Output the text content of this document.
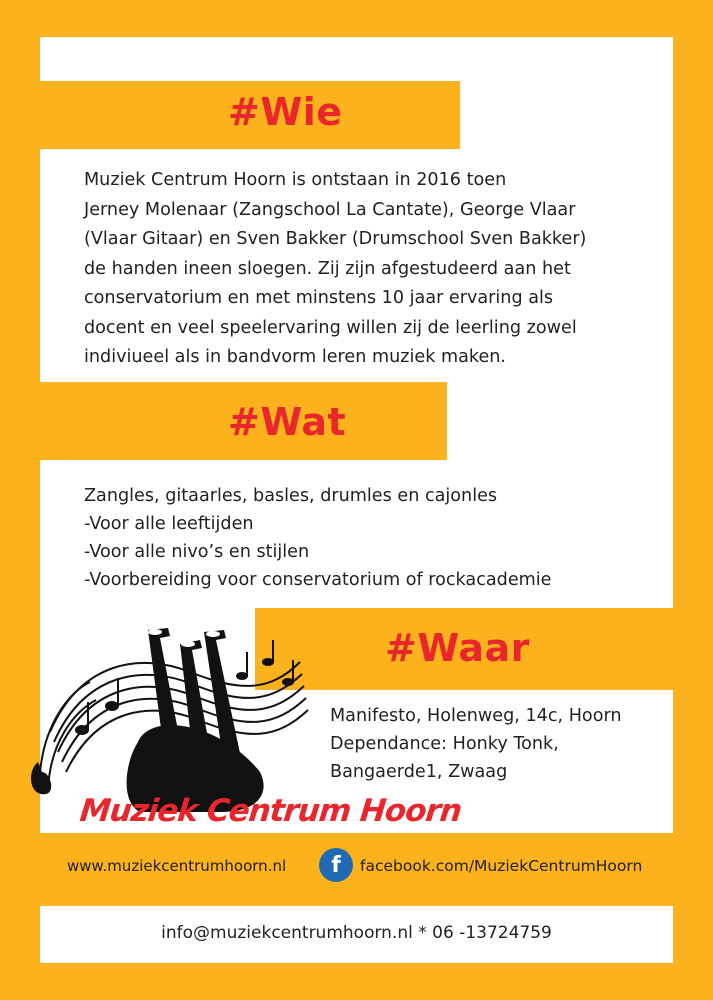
#Wie
Muziek Centrum Hoorn is ontstaan in 2016 toen
Jerney Molenaar (Zangschool La Cantate), George Vlaar
(Vlaar Gitaar) en Sven Bakker (Drumschool Sven Bakker)
de handen ineen sloegen. Zij zijn afgestudeerd aan het
conservatorium en met minstens 10 jaar ervaring als
docent en veel speelervaring willen zij de leerling zowel
indiviueel als in bandvorm leren muziek maken.
#Wat
Zangles, gitaarles, basles, drumles en cajonles
-Voor alle leeftijden
-Voor alle nivo’s en stijlen
-Voorbereiding voor conservatorium of rockacademie
#Waar
Manifesto, Holenweg, 14c, Hoorn
Dependance: Honky Tonk,
Bangaerde1, Zwaag
Muziek Centrum Hoorn
www.muziekcentrumhoorn.nl	f	facebook.com/MuziekCentrumHoorn
info@muziekcentrumhoorn.nl * 06 -13724759
